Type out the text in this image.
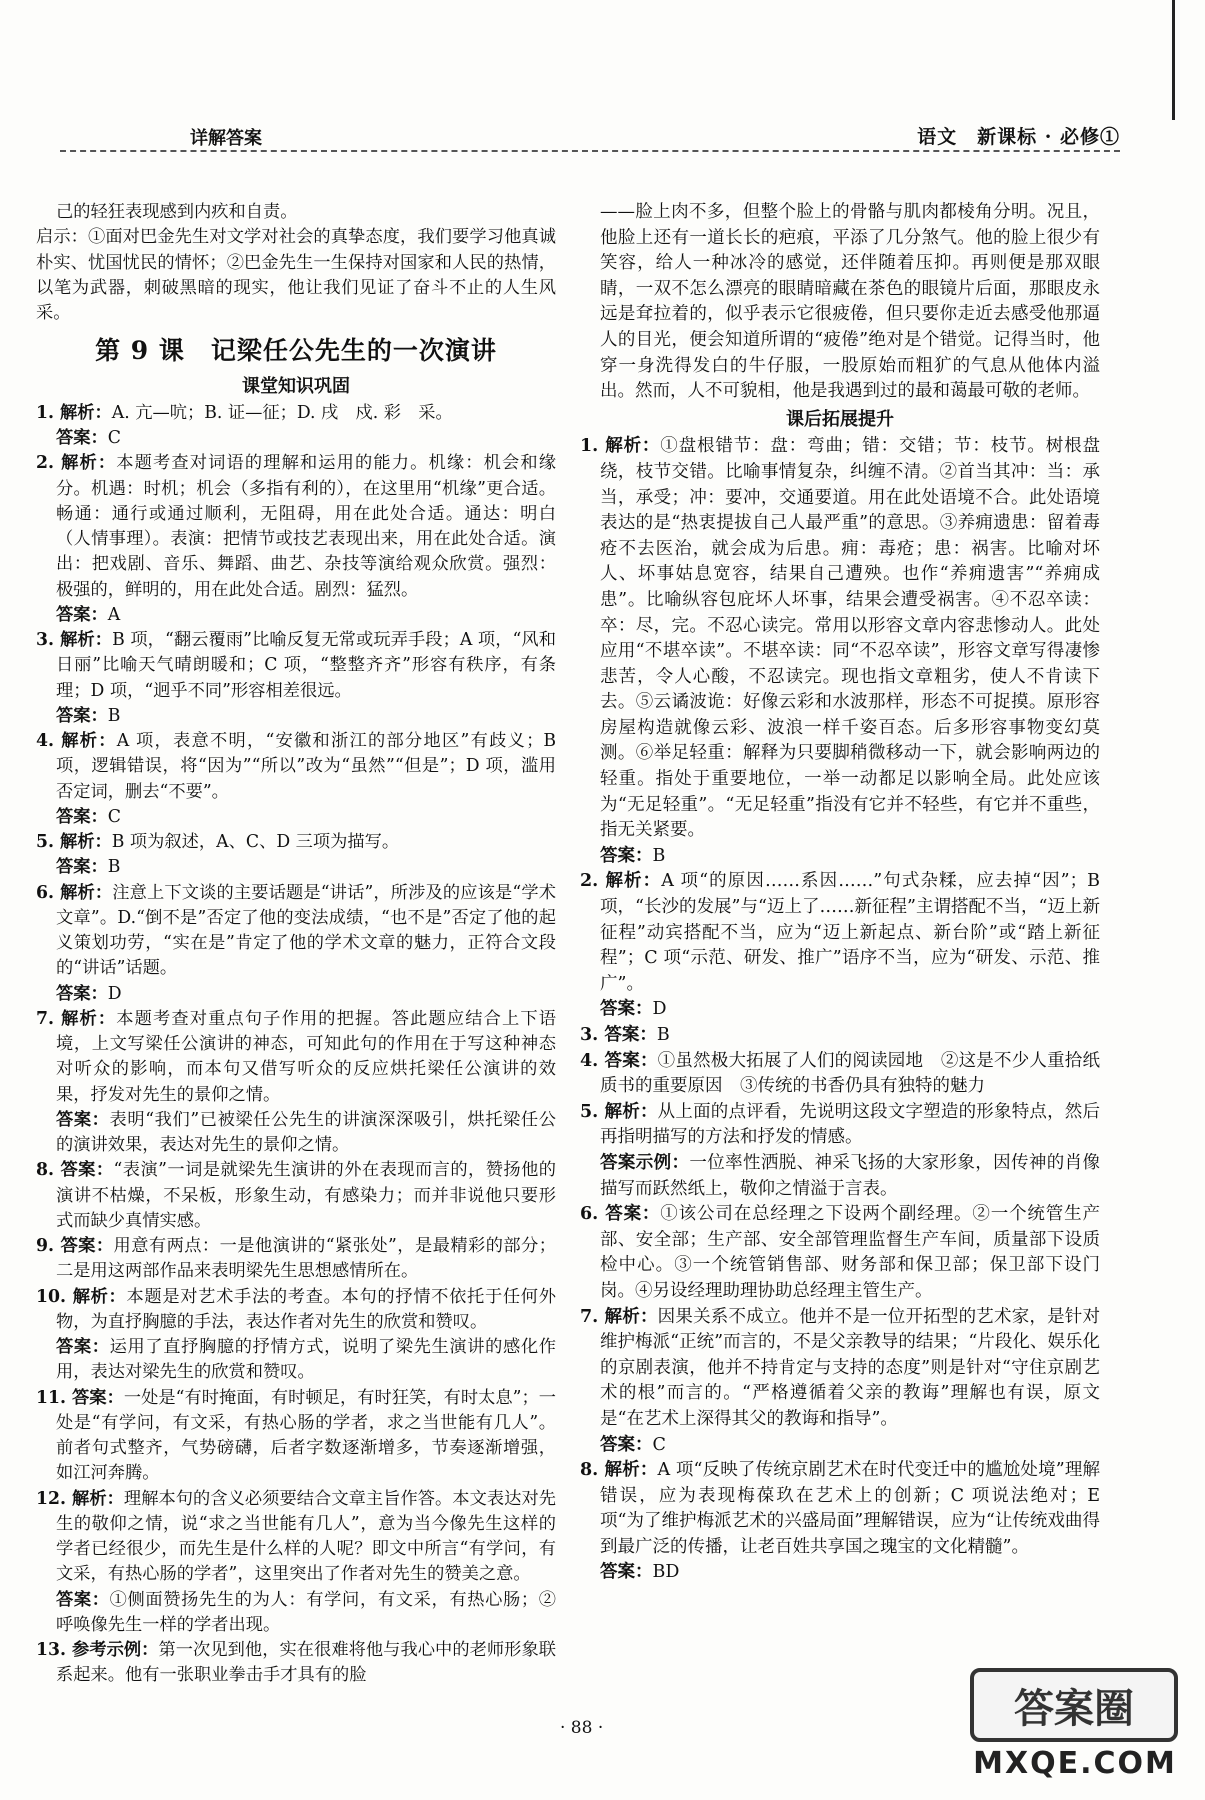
详解答案	语文　新课标 · 必修①

己的轻狂表现感到内疚和自责。

启示：①面对巴金先生对文学对社会的真挚态度，我们要学习他真诚朴实、忧国忧民的情怀；②巴金先生一生保持对国家和人民的热情，以笔为武器，刺破黑暗的现实，他让我们见证了奋斗不止的人生风采。

第 9 课　记梁任公先生的一次演讲
课堂知识巩固

1. 解析：A. 亢—吭；B. 证—征；D. 戌　戍. 彩　采。

答案：C

2. 解析：本题考查对词语的理解和运用的能力。机缘：机会和缘分。机遇：时机；机会（多指有利的），在这里用“机缘”更合适。畅通：通行或通过顺利，无阻碍，用在此处合适。通达：明白（人情事理）。表演：把情节或技艺表现出来，用在此处合适。演出：把戏剧、音乐、舞蹈、曲艺、杂技等演给观众欣赏。强烈：极强的，鲜明的，用在此处合适。剧烈：猛烈。

答案：A

3. 解析：B 项，“翻云覆雨”比喻反复无常或玩弄手段；A 项，“风和日丽”比喻天气晴朗暖和；C 项，“整整齐齐”形容有秩序，有条理；D 项，“迥乎不同”形容相差很远。

答案：B

4. 解析：A 项，表意不明，“安徽和浙江的部分地区”有歧义；B 项，逻辑错误，将“因为”“所以”改为“虽然”“但是”；D 项，滥用否定词，删去“不要”。

答案：C

5. 解析：B 项为叙述，A、C、D 三项为描写。

答案：B

6. 解析：注意上下文谈的主要话题是“讲话”，所涉及的应该是“学术文章”。D.“倒不是”否定了他的变法成绩，“也不是”否定了他的起义策划功劳，“实在是”肯定了他的学术文章的魅力，正符合文段的“讲话”话题。

答案：D

7. 解析：本题考查对重点句子作用的把握。答此题应结合上下语境，上文写梁任公演讲的神态，可知此句的作用在于写这种神态对听众的影响，而本句又借写听众的反应烘托梁任公演讲的效果，抒发对先生的景仰之情。

答案：表明“我们”已被梁任公先生的讲演深深吸引，烘托梁任公的演讲效果，表达对先生的景仰之情。

8. 答案：“表演”一词是就梁先生演讲的外在表现而言的，赞扬他的演讲不枯燥，不呆板，形象生动，有感染力；而并非说他只要形式而缺少真情实感。

9. 答案：用意有两点：一是他演讲的“紧张处”，是最精彩的部分；二是用这两部作品来表明梁先生思想感情所在。

10. 解析：本题是对艺术手法的考查。本句的抒情不依托于任何外物，为直抒胸臆的手法，表达作者对先生的欣赏和赞叹。

答案：运用了直抒胸臆的抒情方式，说明了梁先生演讲的感化作用，表达对梁先生的欣赏和赞叹。

11. 答案：一处是“有时掩面，有时顿足，有时狂笑，有时太息”；一处是“有学问，有文采，有热心肠的学者，求之当世能有几人”。前者句式整齐，气势磅礴，后者字数逐渐增多，节奏逐渐增强，如江河奔腾。

12. 解析：理解本句的含义必须要结合文章主旨作答。本文表达对先生的敬仰之情，说“求之当世能有几人”，意为当今像先生这样的学者已经很少，而先生是什么样的人呢？即文中所言“有学问，有文采，有热心肠的学者”，这里突出了作者对先生的赞美之意。

答案：①侧面赞扬先生的为人：有学问，有文采，有热心肠；②呼唤像先生一样的学者出现。

13. 参考示例：第一次见到他，实在很难将他与我心中的老师形象联系起来。他有一张职业拳击手才具有的脸

——脸上肉不多，但整个脸上的骨骼与肌肉都棱角分明。况且，他脸上还有一道长长的疤痕，平添了几分煞气。他的脸上很少有笑容，给人一种冰冷的感觉，还伴随着压抑。再则便是那双眼睛，一双不怎么漂亮的眼睛暗藏在茶色的眼镜片后面，那眼皮永远是耷拉着的，似乎表示它很疲倦，但只要你走近去感受他那逼人的目光，便会知道所谓的“疲倦”绝对是个错觉。记得当时，他穿一身洗得发白的牛仔服，一股原始而粗犷的气息从他体内溢出。然而，人不可貌相，他是我遇到过的最和蔼最可敬的老师。

课后拓展提升

1. 解析：①盘根错节：盘：弯曲；错：交错；节：枝节。树根盘绕，枝节交错。比喻事情复杂，纠缠不清。②首当其冲：当：承当，承受；冲：要冲，交通要道。用在此处语境不合。此处语境表达的是“热衷提拔自己人最严重”的意思。③养痈遗患：留着毒疮不去医治，就会成为后患。痈：毒疮；患：祸害。比喻对坏人、坏事姑息宽容，结果自己遭殃。也作“养痈遗害”“养痈成患”。比喻纵容包庇坏人坏事，结果会遭受祸害。④不忍卒读：卒：尽，完。不忍心读完。常用以形容文章内容悲惨动人。此处应用“不堪卒读”。不堪卒读：同“不忍卒读”，形容文章写得凄惨悲苦，令人心酸，不忍读完。现也指文章粗劣，使人不肯读下去。⑤云谲波诡：好像云彩和水波那样，形态不可捉摸。原形容房屋构造就像云彩、波浪一样千姿百态。后多形容事物变幻莫测。⑥举足轻重：解释为只要脚稍微移动一下，就会影响两边的轻重。指处于重要地位，一举一动都足以影响全局。此处应该为“无足轻重”。“无足轻重”指没有它并不轻些，有它并不重些，指无关紧要。

答案：B

2. 解析：A 项“的原因……系因……”句式杂糅，应去掉“因”；B 项，“长沙的发展”与“迈上了……新征程”主谓搭配不当，“迈上新征程”动宾搭配不当，应为“迈上新起点、新台阶”或“踏上新征程”；C 项“示范、研发、推广”语序不当，应为“研发、示范、推广”。

答案：D

3. 答案：B

4. 答案：①虽然极大拓展了人们的阅读园地　②这是不少人重拾纸质书的重要原因　③传统的书香仍具有独特的魅力

5. 解析：从上面的点评看，先说明这段文字塑造的形象特点，然后再指明描写的方法和抒发的情感。

答案示例：一位率性洒脱、神采飞扬的大家形象，因传神的肖像描写而跃然纸上，敬仰之情溢于言表。

6. 答案：①该公司在总经理之下设两个副经理。②一个统管生产部、安全部；生产部、安全部管理监督生产车间，质量部下设质检中心。③一个统管销售部、财务部和保卫部；保卫部下设门岗。④另设经理助理协助总经理主管生产。

7. 解析：因果关系不成立。他并不是一位开拓型的艺术家，是针对维护梅派“正统”而言的，不是父亲教导的结果；“片段化、娱乐化的京剧表演，他并不持肯定与支持的态度”则是针对“守住京剧艺术的根”而言的。“严格遵循着父亲的教诲”理解也有误，原文是“在艺术上深得其父的教诲和指导”。

答案：C

8. 解析：A 项“反映了传统京剧艺术在时代变迁中的尴尬处境”理解错误，应为表现梅葆玖在艺术上的创新；C 项说法绝对；E 项“为了维护梅派艺术的兴盛局面”理解错误，应为“让传统戏曲得到最广泛的传播，让老百姓共享国之瑰宝的文化精髓”。

答案：BD

· 88 ·	答案圈
MXQE.COM
